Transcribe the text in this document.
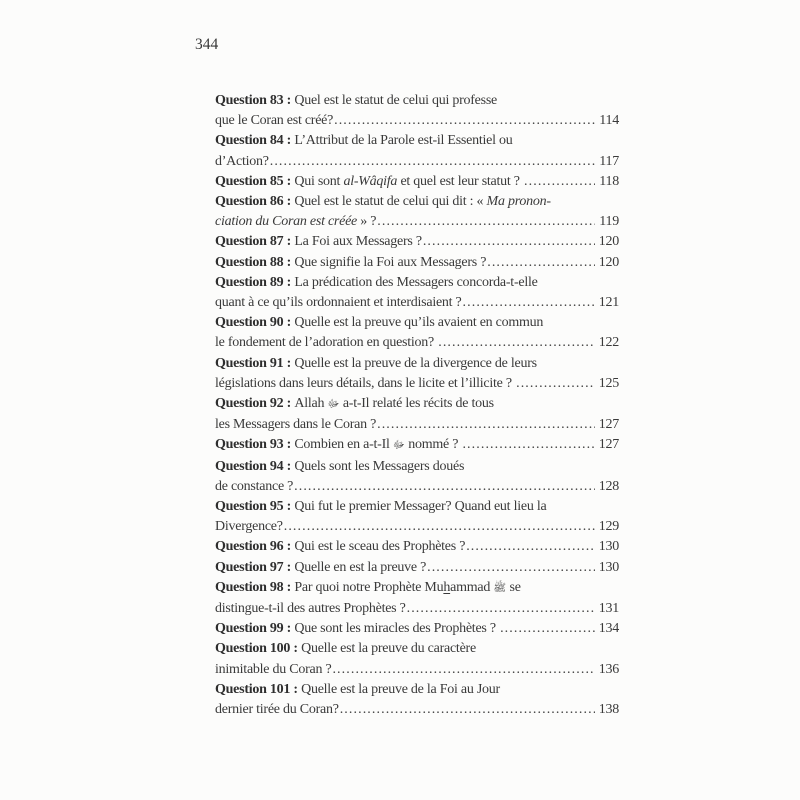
344
Question 83 : Quel est le statut de celui qui professe
que le Coran est créé? .....	114
Question 84 : L’Attribut de la Parole est-il Essentiel ou
d’Action? .....	117
Question 85 : Qui sont al-Wâqifa et quel est leur statut ? .....	118
Question 86 : Quel est le statut de celui qui dit : « Ma pronon-
ciation du Coran est créée » ? .....	119
Question 87 : La Foi aux Messagers ? .....	120
Question 88 : Que signifie la Foi aux Messagers ? .....	120
Question 89 : La prédication des Messagers concorda-t-elle
quant à ce qu’ils ordonnaient et interdisaient ? .....	121
Question 90 : Quelle est la preuve qu’ils avaient en commun
le fondement de l’adoration en question? .....	122
Question 91 : Quelle est la preuve de la divergence de leurs
législations dans leurs détails, dans le licite et l’illicite ? .....	125
Question 92 : Allah ﷻ a-t-Il relaté les récits de tous
les Messagers dans le Coran ? .....	127
Question 93 : Combien en a-t-Il ﷻ nommé ? .....	127
Question 94 : Quels sont les Messagers doués
de constance ? .....	128
Question 95 : Qui fut le premier Messager? Quand eut lieu la
Divergence? .....	129
Question 96 : Qui est le sceau des Prophètes ? .....	130
Question 97 : Quelle en est la preuve ? .....	130
Question 98 : Par quoi notre Prophète Muhammad ﷺ se
distingue-t-il des autres Prophètes ? .....	131
Question 99 : Que sont les miracles des Prophètes ? .....	134
Question 100 : Quelle est la preuve du caractère
inimitable du Coran ? .....	136
Question 101 : Quelle est la preuve de la Foi au Jour
dernier tirée du Coran? .....	138
